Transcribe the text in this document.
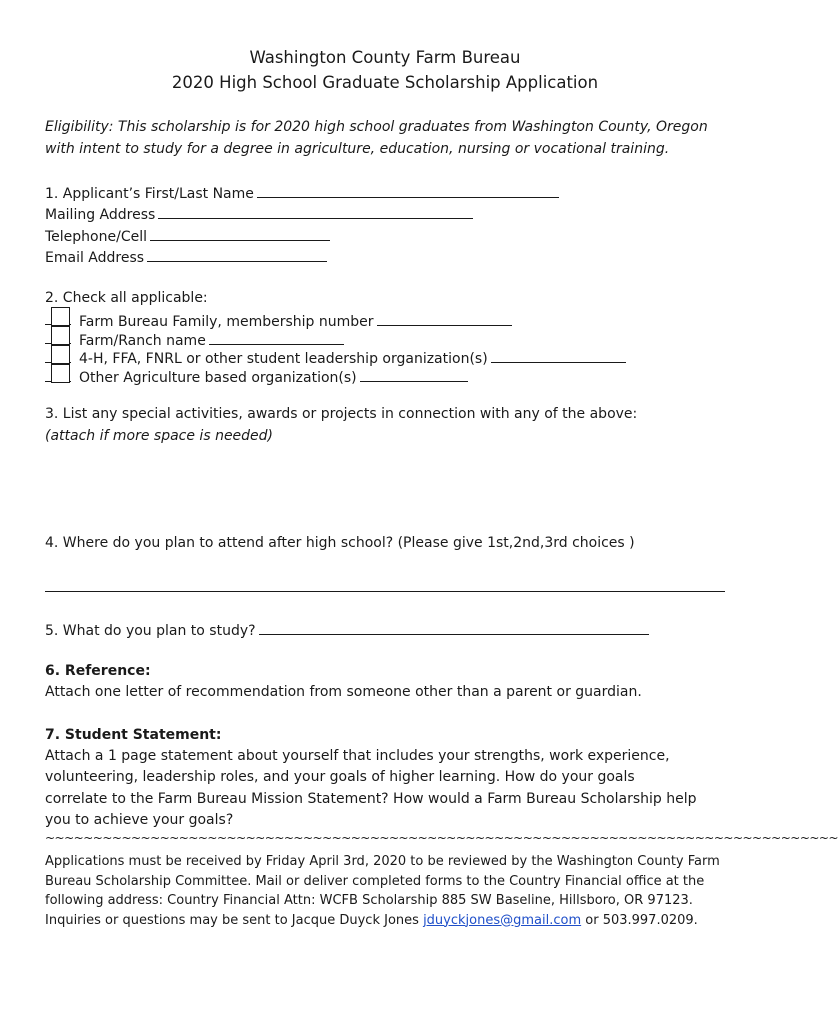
Washington County Farm Bureau
2020 High School Graduate Scholarship Application
Eligibility: This scholarship is for 2020 high school graduates from Washington County, Oregon
with intent to study for a degree in agriculture, education, nursing or vocational training.
1. Applicant’s First/Last Name
Mailing Address
Telephone/Cell
Email Address
2. Check all applicable:
Farm Bureau Family, membership number
Farm/Ranch name
4-H, FFA, FNRL or other student leadership organization(s)
Other Agriculture based organization(s)
3. List any special activities, awards or projects in connection with any of the above:
(attach if more space is needed)
4. Where do you plan to attend after high school? (Please give 1st,2nd,3rd choices )
5. What do you plan to study?
6. Reference:
Attach one letter of recommendation from someone other than a parent or guardian.
7. Student Statement:
Attach a 1 page statement about yourself that includes your strengths, work experience,
volunteering, leadership roles, and your goals of higher learning. How do your goals
correlate to the Farm Bureau Mission Statement? How would a Farm Bureau Scholarship help
you to achieve your goals?
~~~~~~~~~~~~~~~~~~~~~~~~~~~~~~~~~~~~~~~~~~~~~~~~~~~~~~~~~~~~~~~~~~~~~~~~~~~~~~~~~~~
Applications must be received by Friday April 3rd, 2020 to be reviewed by the Washington County Farm Bureau Scholarship Committee. Mail or deliver completed forms to the Country Financial office at the following address: Country Financial Attn: WCFB Scholarship 885 SW Baseline, Hillsboro, OR 97123. Inquiries or questions may be sent to Jacque Duyck Jones jduyckjones@gmail.com or 503.997.0209.
